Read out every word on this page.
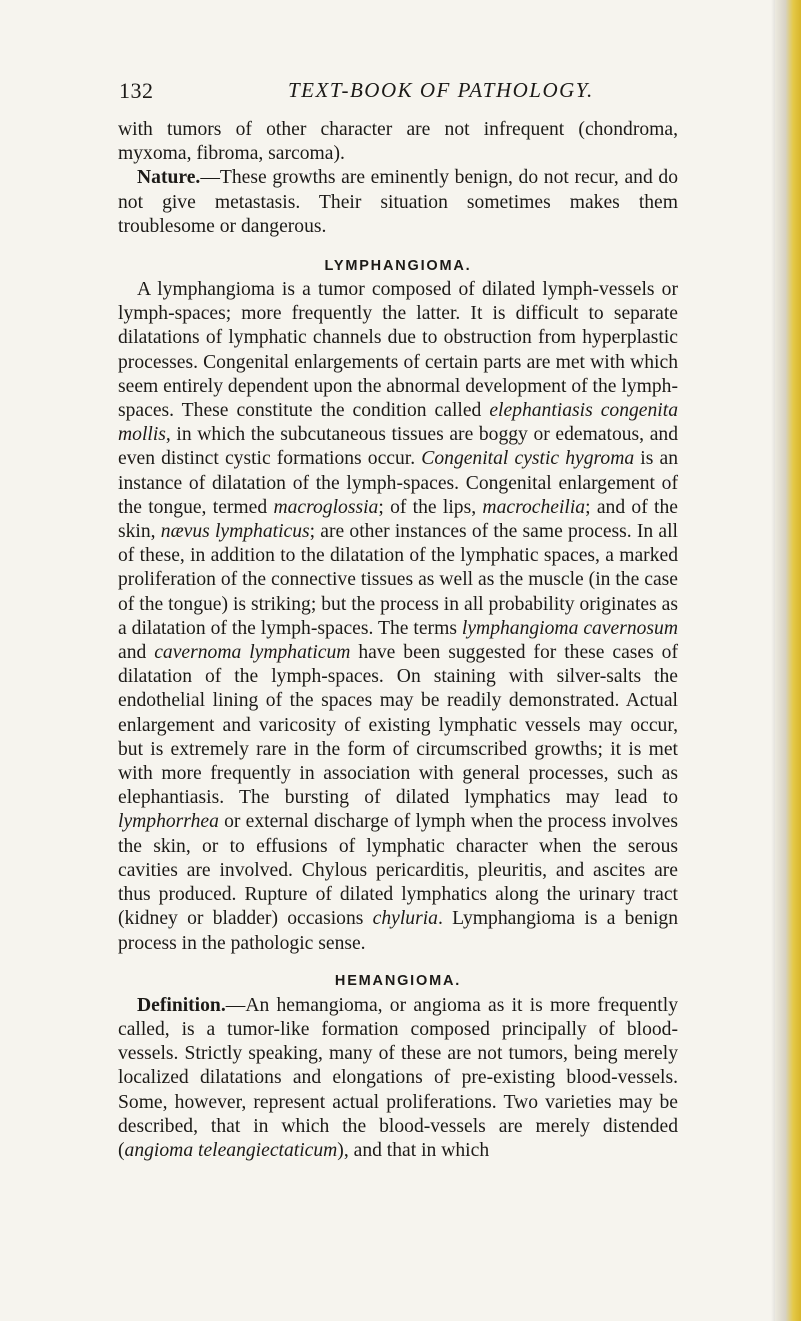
132	TEXT-BOOK OF PATHOLOGY.

with tumors of other character are not infrequent (chondroma, myxoma, fibroma, sarcoma).

Nature.—These growths are eminently benign, do not recur, and do not give metastasis. Their situation sometimes makes them troublesome or dangerous.

LYMPHANGIOMA.

A lymphangioma is a tumor composed of dilated lymph-vessels or lymph-spaces; more frequently the latter. It is difficult to separate dilatations of lymphatic channels due to obstruction from hyperplastic processes. Congenital enlargements of certain parts are met with which seem entirely dependent upon the abnormal development of the lymph-spaces. These constitute the condition called elephantiasis congenita mollis, in which the subcutaneous tissues are boggy or edematous, and even distinct cystic formations occur. Congenital cystic hygroma is an instance of dilatation of the lymph-spaces. Congenital enlargement of the tongue, termed macroglossia; of the lips, macrocheilia; and of the skin, nævus lymphaticus; are other instances of the same process. In all of these, in addition to the dilatation of the lymphatic spaces, a marked proliferation of the connective tissues as well as the muscle (in the case of the tongue) is striking; but the process in all probability originates as a dilatation of the lymph-spaces. The terms lymphangioma cavernosum and cavernoma lymphaticum have been suggested for these cases of dilatation of the lymph-spaces. On staining with silver-salts the endothelial lining of the spaces may be readily demonstrated. Actual enlargement and varicosity of existing lymphatic vessels may occur, but is extremely rare in the form of circumscribed growths; it is met with more frequently in association with general processes, such as elephantiasis. The bursting of dilated lymphatics may lead to lymphorrhea or external discharge of lymph when the process involves the skin, or to effusions of lymphatic character when the serous cavities are involved. Chylous pericarditis, pleuritis, and ascites are thus produced. Rupture of dilated lymphatics along the urinary tract (kidney or bladder) occasions chyluria. Lymphangioma is a benign process in the pathologic sense.

HEMANGIOMA.

Definition.—An hemangioma, or angioma as it is more frequently called, is a tumor-like formation composed principally of blood-vessels. Strictly speaking, many of these are not tumors, being merely localized dilatations and elongations of pre-existing blood-vessels. Some, however, represent actual proliferations. Two varieties may be described, that in which the blood-vessels are merely distended (angioma teleangiectaticum), and that in which
